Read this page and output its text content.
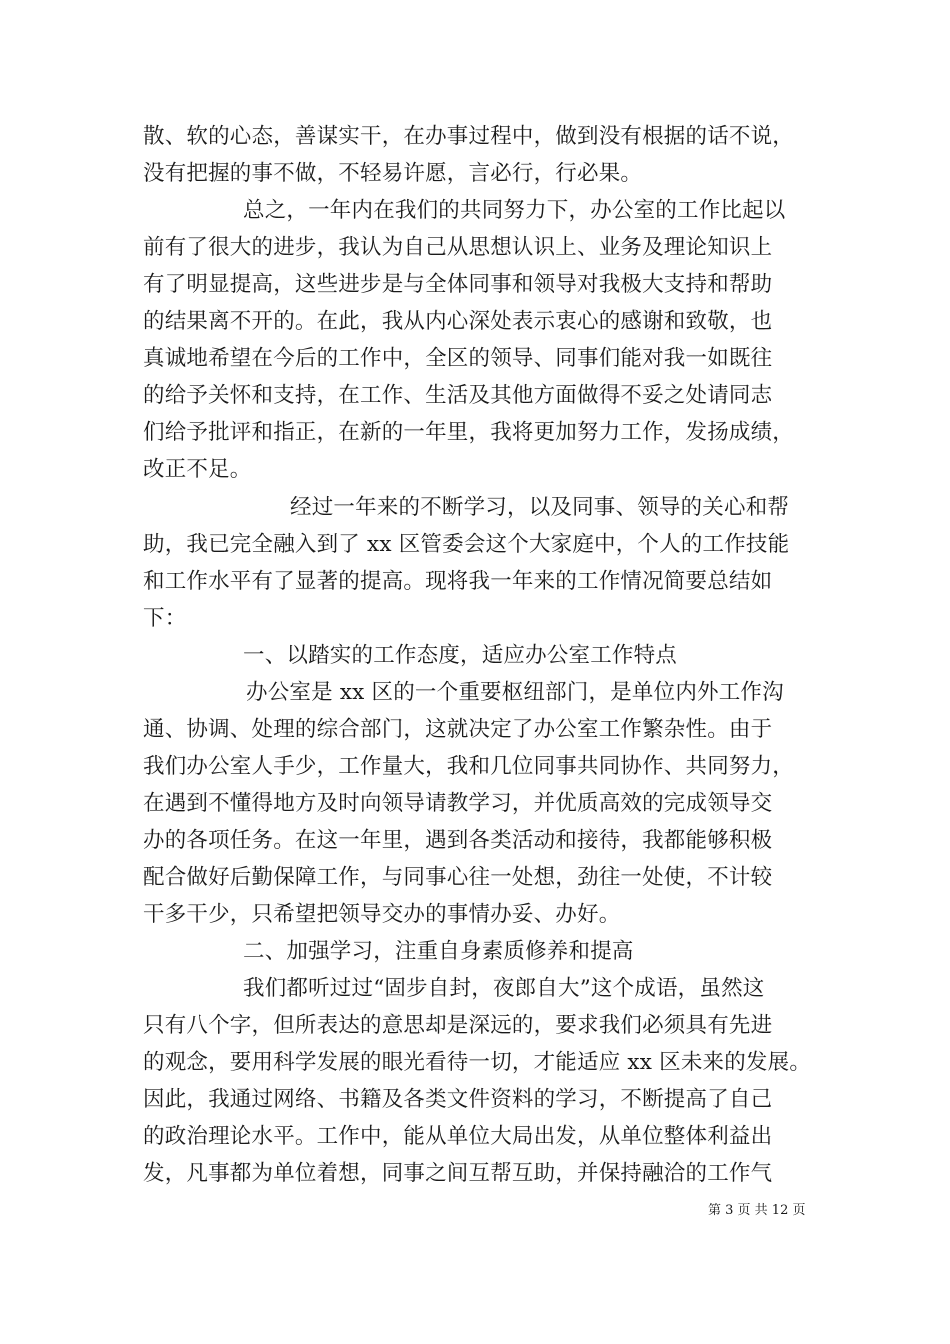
散、软的心态，善谋实干，在办事过程中，做到没有根据的话不说，
没有把握的事不做，不轻易许愿，言必行，行必果。
总之，一年内在我们的共同努力下，办公室的工作比起以
前有了很大的进步，我认为自己从思想认识上、业务及理论知识上
有了明显提高，这些进步是与全体同事和领导对我极大支持和帮助
的结果离不开的。在此，我从内心深处表示衷心的感谢和致敬，也
真诚地希望在今后的工作中，全区的领导、同事们能对我一如既往
的给予关怀和支持，在工作、生活及其他方面做得不妥之处请同志
们给予批评和指正，在新的一年里，我将更加努力工作，发扬成绩，
改正不足。
经过一年来的不断学习，以及同事、领导的关心和帮
助，我已完全融入到了 xx 区管委会这个大家庭中，个人的工作技能
和工作水平有了显著的提高。现将我一年来的工作情况简要总结如
下：
一、以踏实的工作态度，适应办公室工作特点
办公室是 xx 区的一个重要枢纽部门，是单位内外工作沟
通、协调、处理的综合部门，这就决定了办公室工作繁杂性。由于
我们办公室人手少，工作量大，我和几位同事共同协作、共同努力，
在遇到不懂得地方及时向领导请教学习，并优质高效的完成领导交
办的各项任务。在这一年里，遇到各类活动和接待，我都能够积极
配合做好后勤保障工作，与同事心往一处想，劲往一处使，不计较
干多干少，只希望把领导交办的事情办妥、办好。
二、加强学习，注重自身素质修养和提高
我们都听过过“固步自封，夜郎自大”这个成语，虽然这
只有八个字，但所表达的意思却是深远的，要求我们必须具有先进
的观念，要用科学发展的眼光看待一切，才能适应 xx 区未来的发展。
因此，我通过网络、书籍及各类文件资料的学习，不断提高了自己
的政治理论水平。工作中，能从单位大局出发，从单位整体利益出
发，凡事都为单位着想，同事之间互帮互助，并保持融洽的工作气
第 3 页 共 12 页
